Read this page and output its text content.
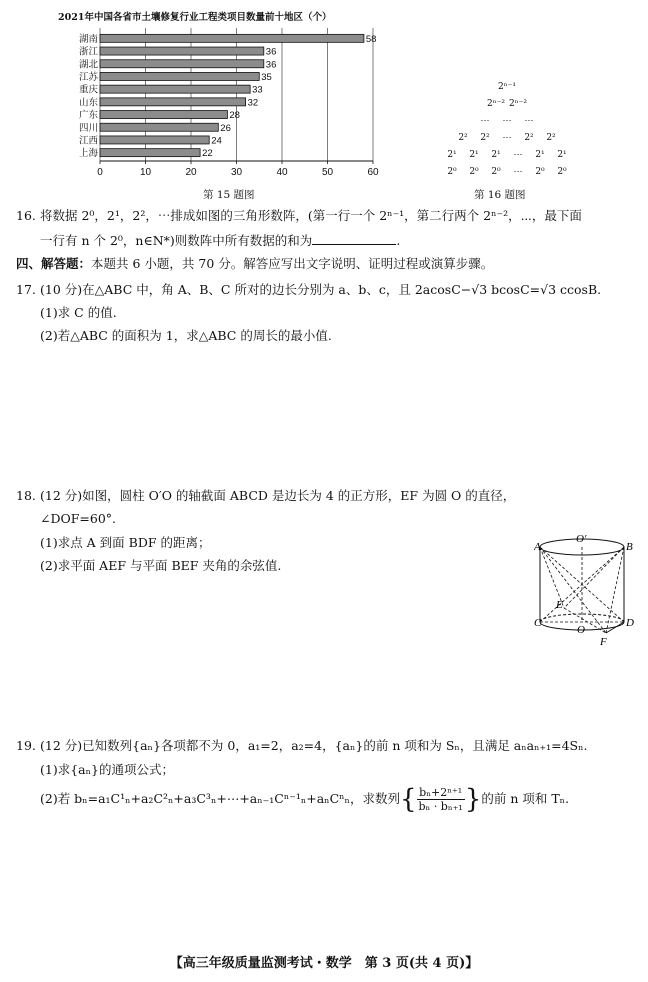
2021年中国各省市土壤修复行业工程类项目数量前十地区（个）
0	10	20	30	40	50	60
湖南	58
浙江	36
湖北	36
江苏	35
重庆	33
山东	32
广东	28
四川	26
江西	24
上海	22
第 15 题图
2ⁿ⁻¹
2ⁿ⁻² 2ⁿ⁻²
⋯	⋯	⋯
2²	2²	⋯	2²	2²
2¹	2¹	2¹	⋯	2¹	2¹
2⁰	2⁰	2⁰	⋯	2⁰	2⁰
第 16 题图
16. 将数据 2⁰，2¹，2²，⋯排成如图的三角形数阵，(第一行一个 2ⁿ⁻¹，第二行两个 2ⁿ⁻²，⋯，最下面
一行有 n 个 2⁰，n∈N*)则数阵中所有数据的和为	.
四、解答题：本题共 6 小题，共 70 分。解答应写出文字说明、证明过程或演算步骤。
17. (10 分)在△ABC 中，角 A、B、C 所对的边长分别为 a、b、c，且 2acosC−√3 bcosC=√3 ccosB.
(1)求 C 的值.
(2)若△ABC 的面积为 1，求△ABC 的周长的最小值.
18. (12 分)如图，圆柱 O′O 的轴截面 ABCD 是边长为 4 的正方形，EF 为圆 O 的直径，
∠DOF=60°.
(1)求点 A 到面 BDF 的距离；
(2)求平面 AEF 与平面 BEF 夹角的余弦值.
A
O′
B
E
C
O
D
F
19. (12 分)已知数列{aₙ}各项都不为 0，a₁=2，a₂=4，{aₙ}的前 n 项和为 Sₙ，且满足 aₙaₙ₊₁=4Sₙ.
(1)求{aₙ}的通项公式；
(2)若 bₙ=a₁C¹ₙ+a₂C²ₙ+a₃C³ₙ+⋯+aₙ₋₁Cⁿ⁻¹ₙ+aₙCⁿₙ，求数列{ $\frac{\text{bₙ+2ⁿ⁺¹}}{\text{bₙ · bₙ₊₁}}$ }的前 n 项和 Tₙ.
【高三年级质量监测考试・数学　第 3 页(共 4 页)】
